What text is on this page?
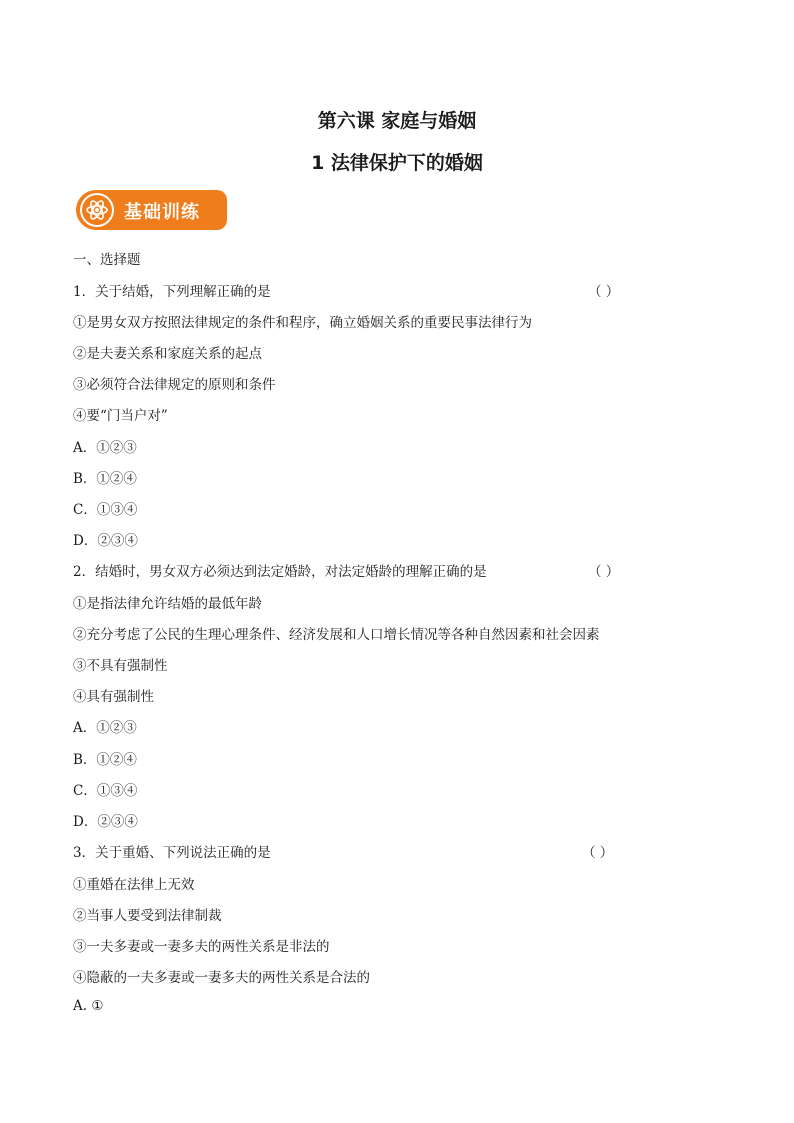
第六课 家庭与婚姻
1 法律保护下的婚姻
基础训练
一、选择题
1．关于结婚，下列理解正确的是	（ ）
①是男女双方按照法律规定的条件和程序，确立婚姻关系的重要民事法律行为
②是夫妻关系和家庭关系的起点
③必须符合法律规定的原则和条件
④要“门当户对”
A．①②③
B．①②④
C．①③④
D．②③④
2．结婚时，男女双方必须达到法定婚龄，对法定婚龄的理解正确的是	（ ）
①是指法律允许结婚的最低年龄
②充分考虑了公民的生理心理条件、经济发展和人口增长情况等各种自然因素和社会因素
③不具有强制性
④具有强制性
A．①②③
B．①②④
C．①③④
D．②③④
3．关于重婚、下列说法正确的是	（ ）
①重婚在法律上无效
②当事人要受到法律制裁
③一夫多妻或一妻多夫的两性关系是非法的
④隐蔽的一夫多妻或一妻多夫的两性关系是合法的
A. ①
